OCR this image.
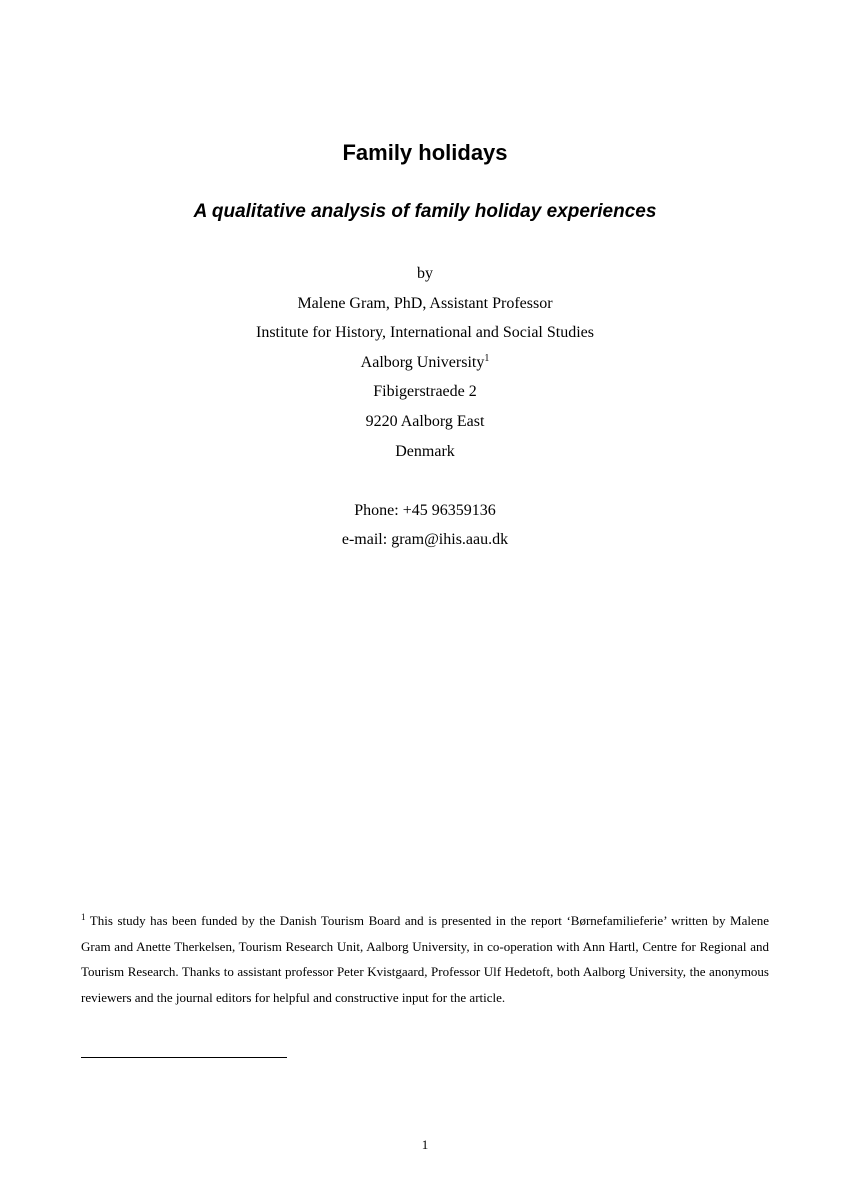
Family holidays
A qualitative analysis of family holiday experiences
by
Malene Gram, PhD, Assistant Professor
Institute for History, International and Social Studies
Aalborg University$^1$
Fibigerstraede 2
9220 Aalborg East
Denmark
Phone: +45 96359136
e-mail: gram@ihis.aau.dk
$^1$ This study has been funded by the Danish Tourism Board and is presented in the report ‘Børnefamilieferie’ written by Malene Gram and Anette Therkelsen, Tourism Research Unit, Aalborg University, in co-operation with Ann Hartl, Centre for Regional and Tourism Research. Thanks to assistant professor Peter Kvistgaard, Professor Ulf Hedetoft, both Aalborg University, the anonymous reviewers and the journal editors for helpful and constructive input for the article.
1
